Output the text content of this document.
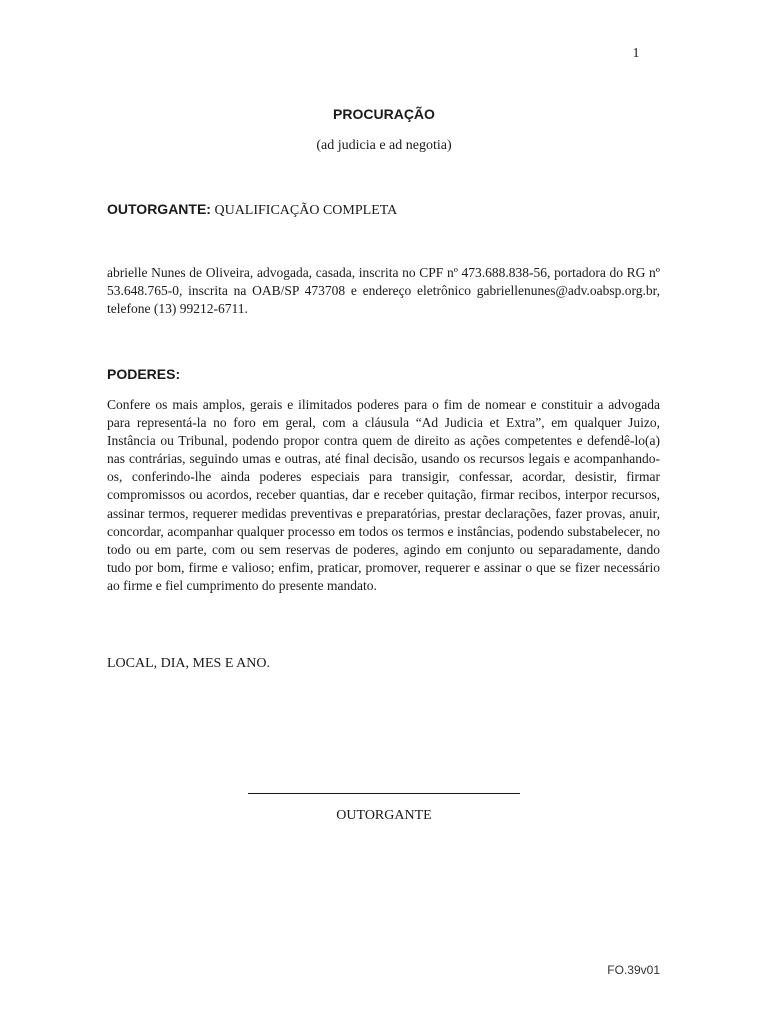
1
PROCURAÇÃO
(ad judicia e ad negotia)
OUTORGANTE: QUALIFICAÇÃO COMPLETA
abrielle Nunes de Oliveira, advogada, casada, inscrita no CPF nº 473.688.838-56, portadora do RG nº 53.648.765-0, inscrita na OAB/SP 473708 e endereço eletrônico gabriellenunes@adv.oabsp.org.br, telefone (13) 99212-6711.
PODERES:
Confere os mais amplos, gerais e ilimitados poderes para o fim de nomear e constituir a advogada para representá-la no foro em geral, com a cláusula “Ad Judicia et Extra”, em qualquer Juizo, Instância ou Tribunal, podendo propor contra quem de direito as ações competentes e defendê-lo(a) nas contrárias, seguindo umas e outras, até final decisão, usando os recursos legais e acompanhando-os, conferindo-lhe ainda poderes especiais para transigir, confessar, acordar, desistir, firmar compromissos ou acordos, receber quantias, dar e receber quitação, firmar recibos, interpor recursos, assinar termos, requerer medidas preventivas e preparatórias, prestar declarações, fazer provas, anuir, concordar, acompanhar qualquer processo em todos os termos e instâncias, podendo substabelecer, no todo ou em parte, com ou sem reservas de poderes, agindo em conjunto ou separadamente, dando tudo por bom, firme e valioso; enfim, praticar, promover, requerer e assinar o que se fizer necessário ao firme e fiel cumprimento do presente mandato.
LOCAL, DIA, MES E ANO.
OUTORGANTE
FO.39v01
